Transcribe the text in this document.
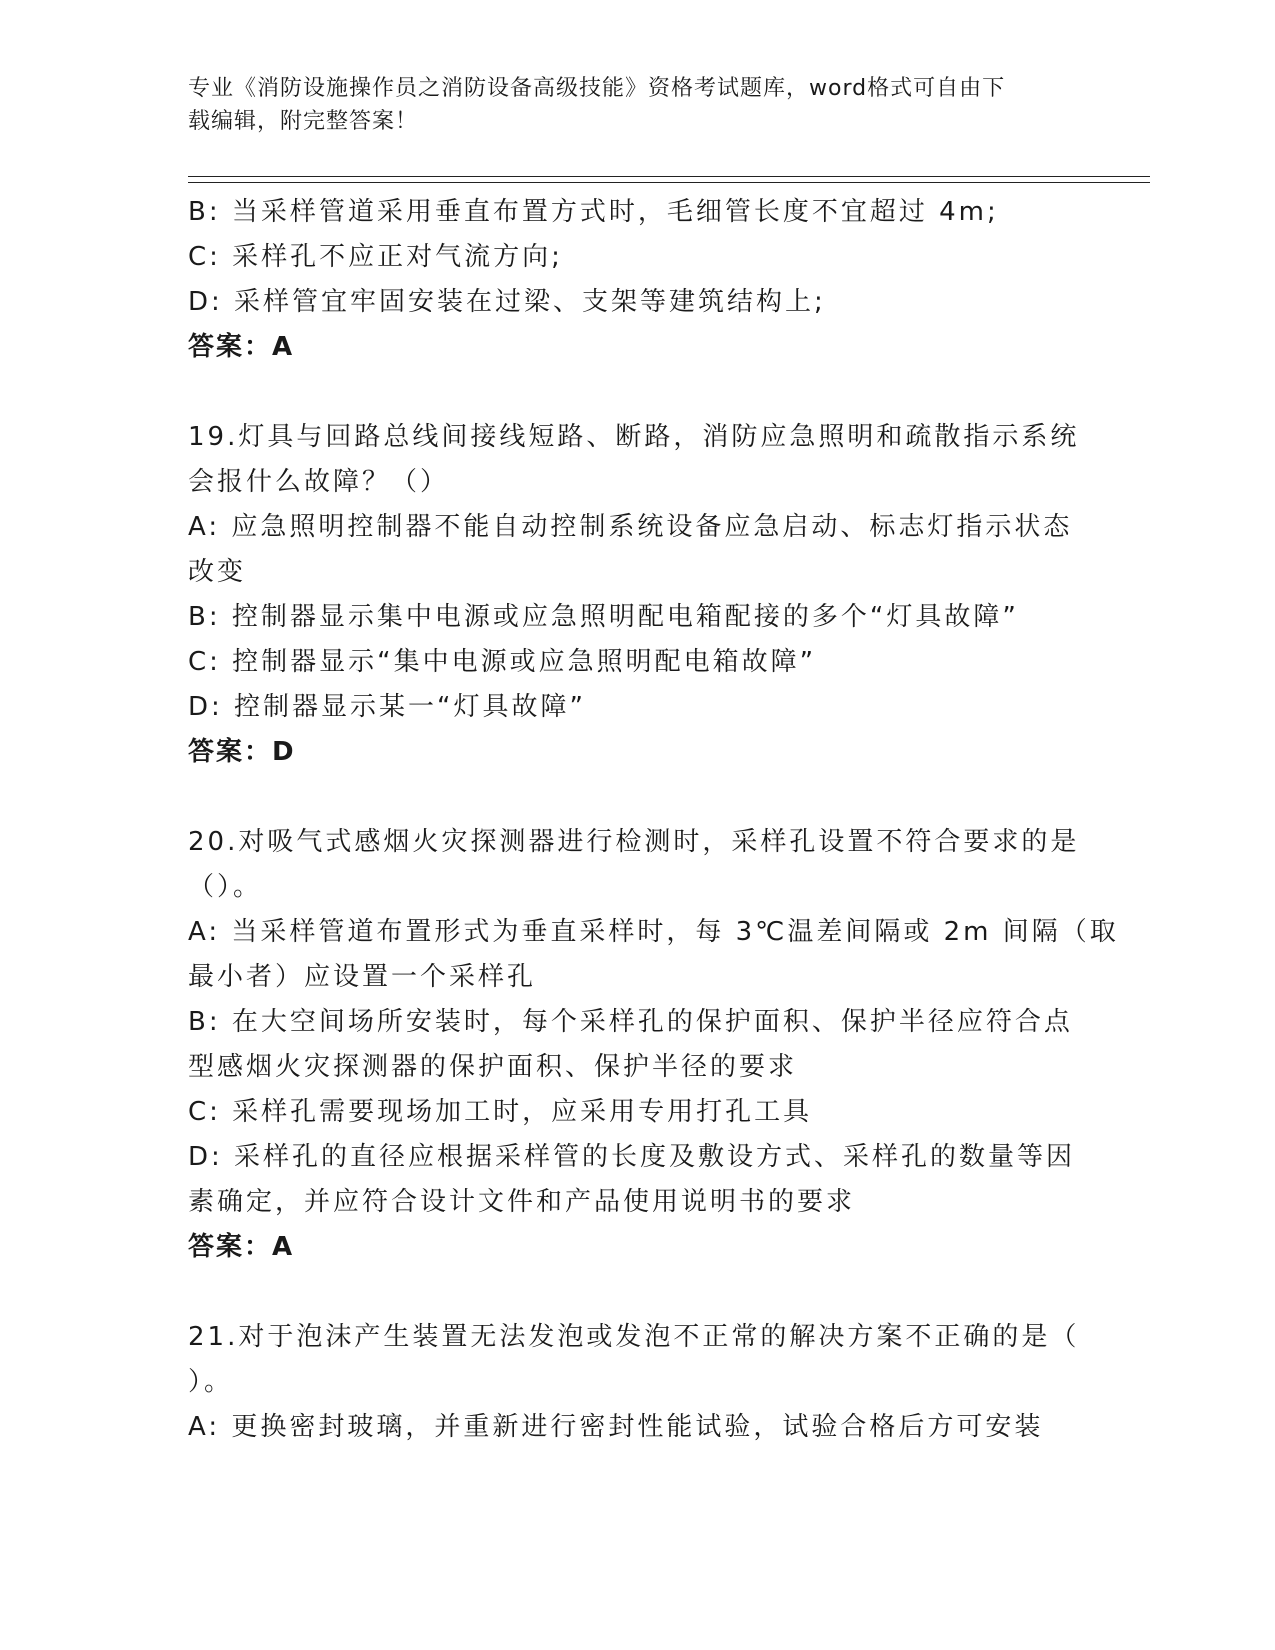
专业《消防设施操作员之消防设备高级技能》资格考试题库，word格式可自由下
载编辑，附完整答案！
B: 当采样管道采用垂直布置方式时，毛细管长度不宜超过 4m;
C: 采样孔不应正对气流方向;
D: 采样管宜牢固安装在过梁、支架等建筑结构上;
答案：A
19.灯具与回路总线间接线短路、断路，消防应急照明和疏散指示系统
会报什么故障？（）
A: 应急照明控制器不能自动控制系统设备应急启动、标志灯指示状态
改变
B: 控制器显示集中电源或应急照明配电箱配接的多个“灯具故障”
C: 控制器显示“集中电源或应急照明配电箱故障”
D: 控制器显示某一“灯具故障”
答案：D
20.对吸气式感烟火灾探测器进行检测时，采样孔设置不符合要求的是
（）。
A: 当采样管道布置形式为垂直采样时，每 3℃温差间隔或 2m 间隔（取
最小者）应设置一个采样孔
B: 在大空间场所安装时，每个采样孔的保护面积、保护半径应符合点
型感烟火灾探测器的保护面积、保护半径的要求
C: 采样孔需要现场加工时，应采用专用打孔工具
D: 采样孔的直径应根据采样管的长度及敷设方式、采样孔的数量等因
素确定，并应符合设计文件和产品使用说明书的要求
答案：A
21.对于泡沫产生装置无法发泡或发泡不正常的解决方案不正确的是（
）。
A: 更换密封玻璃，并重新进行密封性能试验，试验合格后方可安装
